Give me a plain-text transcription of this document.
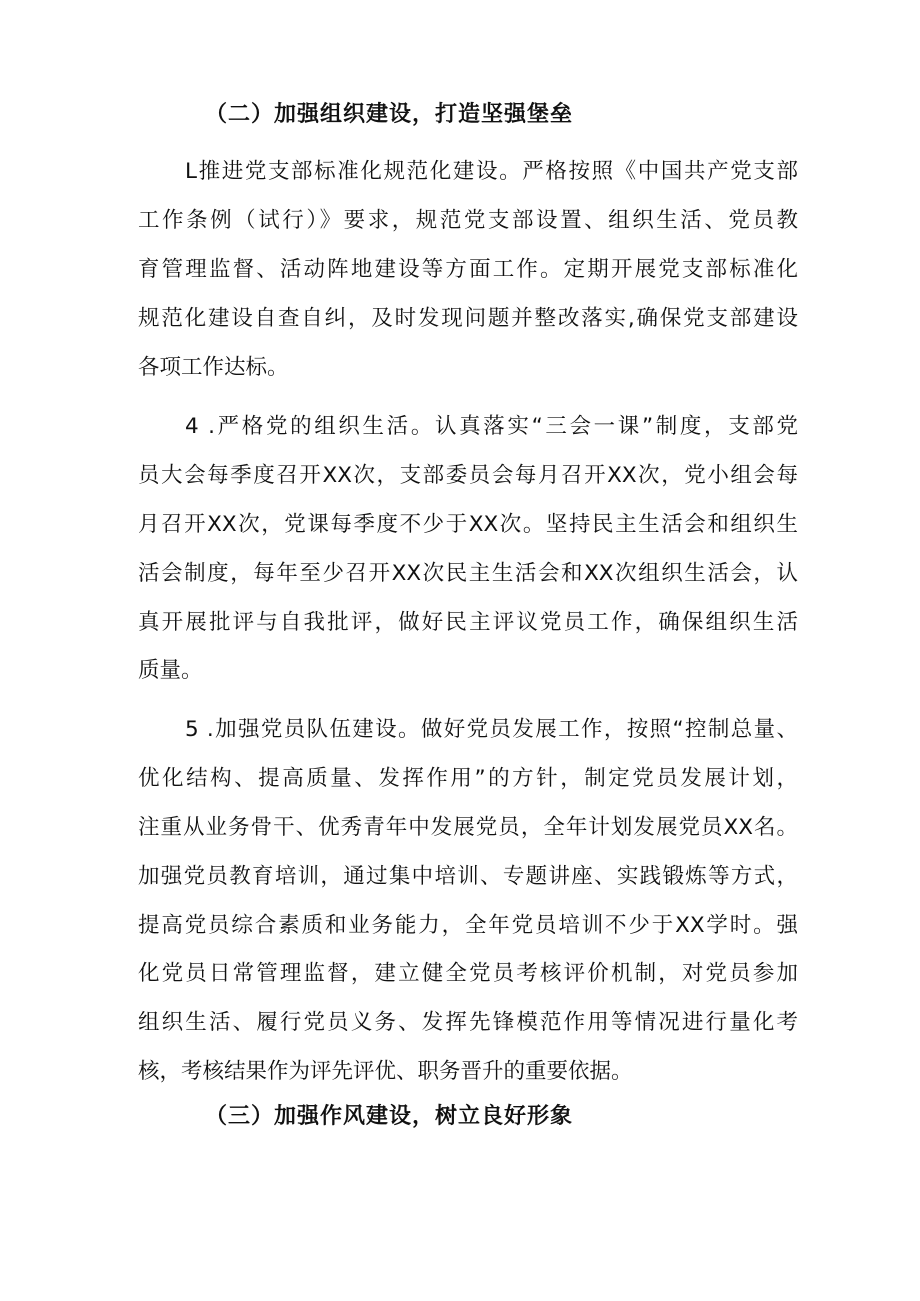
（二）加强组织建设，打造坚强堡垒
L推进党支部标准化规范化建设。严格按照《中国共产党支部
工作条例（试行）》要求，规范党支部设置、组织生活、党员教
育管理监督、活动阵地建设等方面工作。定期开展党支部标准化
规范化建设自查自纠，及时发现问题并整改落实,确保党支部建设
各项工作达标。
4 .严格党的组织生活。认真落实“三会一课”制度，支部党
员大会每季度召开XX次，支部委员会每月召开XX次，党小组会每
月召开XX次，党课每季度不少于XX次。坚持民主生活会和组织生
活会制度，每年至少召开XX次民主生活会和XX次组织生活会，认
真开展批评与自我批评，做好民主评议党员工作，确保组织生活
质量。
5 .加强党员队伍建设。做好党员发展工作，按照“控制总量、
优化结构、提高质量、发挥作用”的方针，制定党员发展计划，
注重从业务骨干、优秀青年中发展党员，全年计划发展党员XX名。
加强党员教育培训，通过集中培训、专题讲座、实践锻炼等方式，
提高党员综合素质和业务能力，全年党员培训不少于XX学时。强
化党员日常管理监督，建立健全党员考核评价机制，对党员参加
组织生活、履行党员义务、发挥先锋模范作用等情况进行量化考
核，考核结果作为评先评优、职务晋升的重要依据。
（三）加强作风建设，树立良好形象
